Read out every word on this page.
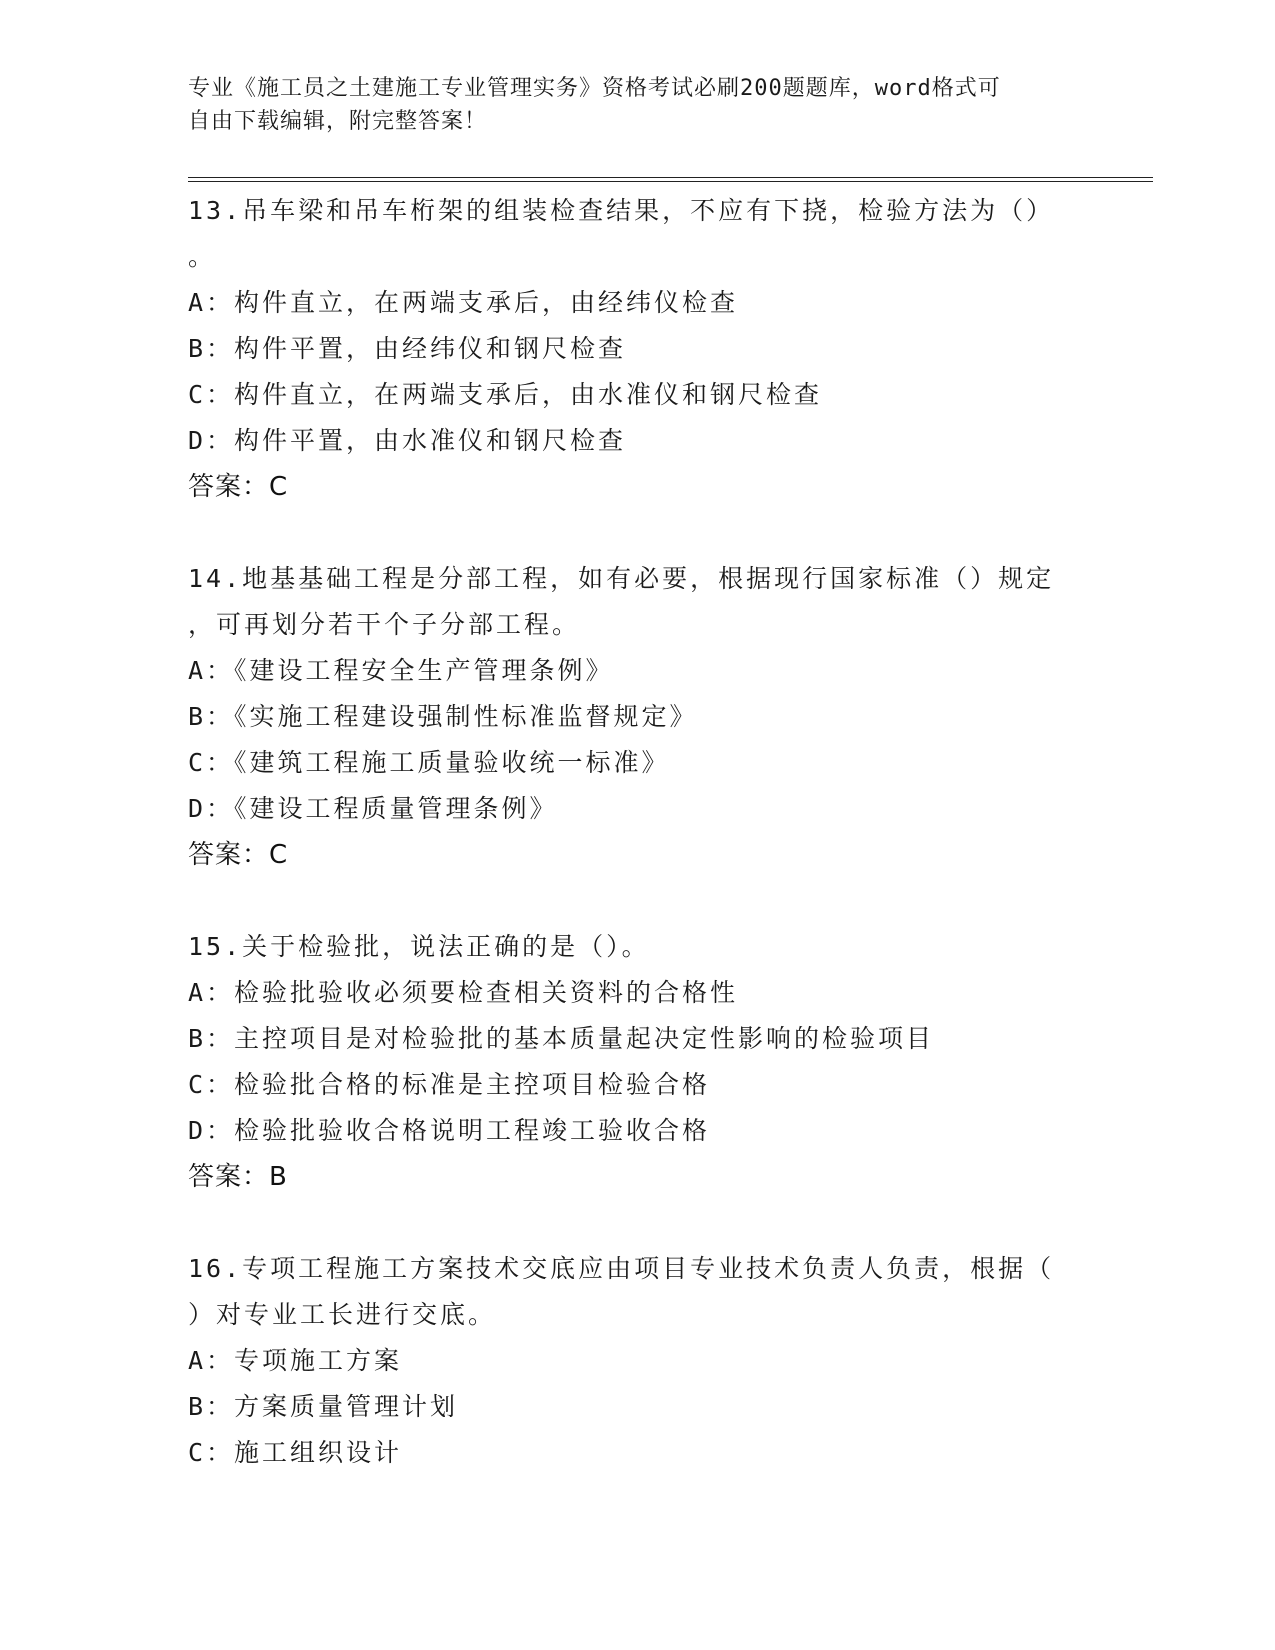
专业《施工员之土建施工专业管理实务》资格考试必刷200题题库，word格式可
自由下载编辑，附完整答案！
13.吊车梁和吊车桁架的组装检查结果，不应有下挠，检验方法为（）
。
A：构件直立，在两端支承后，由经纬仪检查
B：构件平置，由经纬仪和钢尺检查
C：构件直立，在两端支承后，由水准仪和钢尺检查
D：构件平置，由水准仪和钢尺检查
答案：C
14.地基基础工程是分部工程，如有必要，根据现行国家标准（）规定
，可再划分若干个子分部工程。
A：《建设工程安全生产管理条例》
B：《实施工程建设强制性标准监督规定》
C：《建筑工程施工质量验收统一标准》
D：《建设工程质量管理条例》
答案：C
15.关于检验批，说法正确的是（）。
A：检验批验收必须要检查相关资料的合格性
B：主控项目是对检验批的基本质量起决定性影响的检验项目
C：检验批合格的标准是主控项目检验合格
D：检验批验收合格说明工程竣工验收合格
答案：B
16.专项工程施工方案技术交底应由项目专业技术负责人负责，根据（
）对专业工长进行交底。
A：专项施工方案
B：方案质量管理计划
C：施工组织设计
